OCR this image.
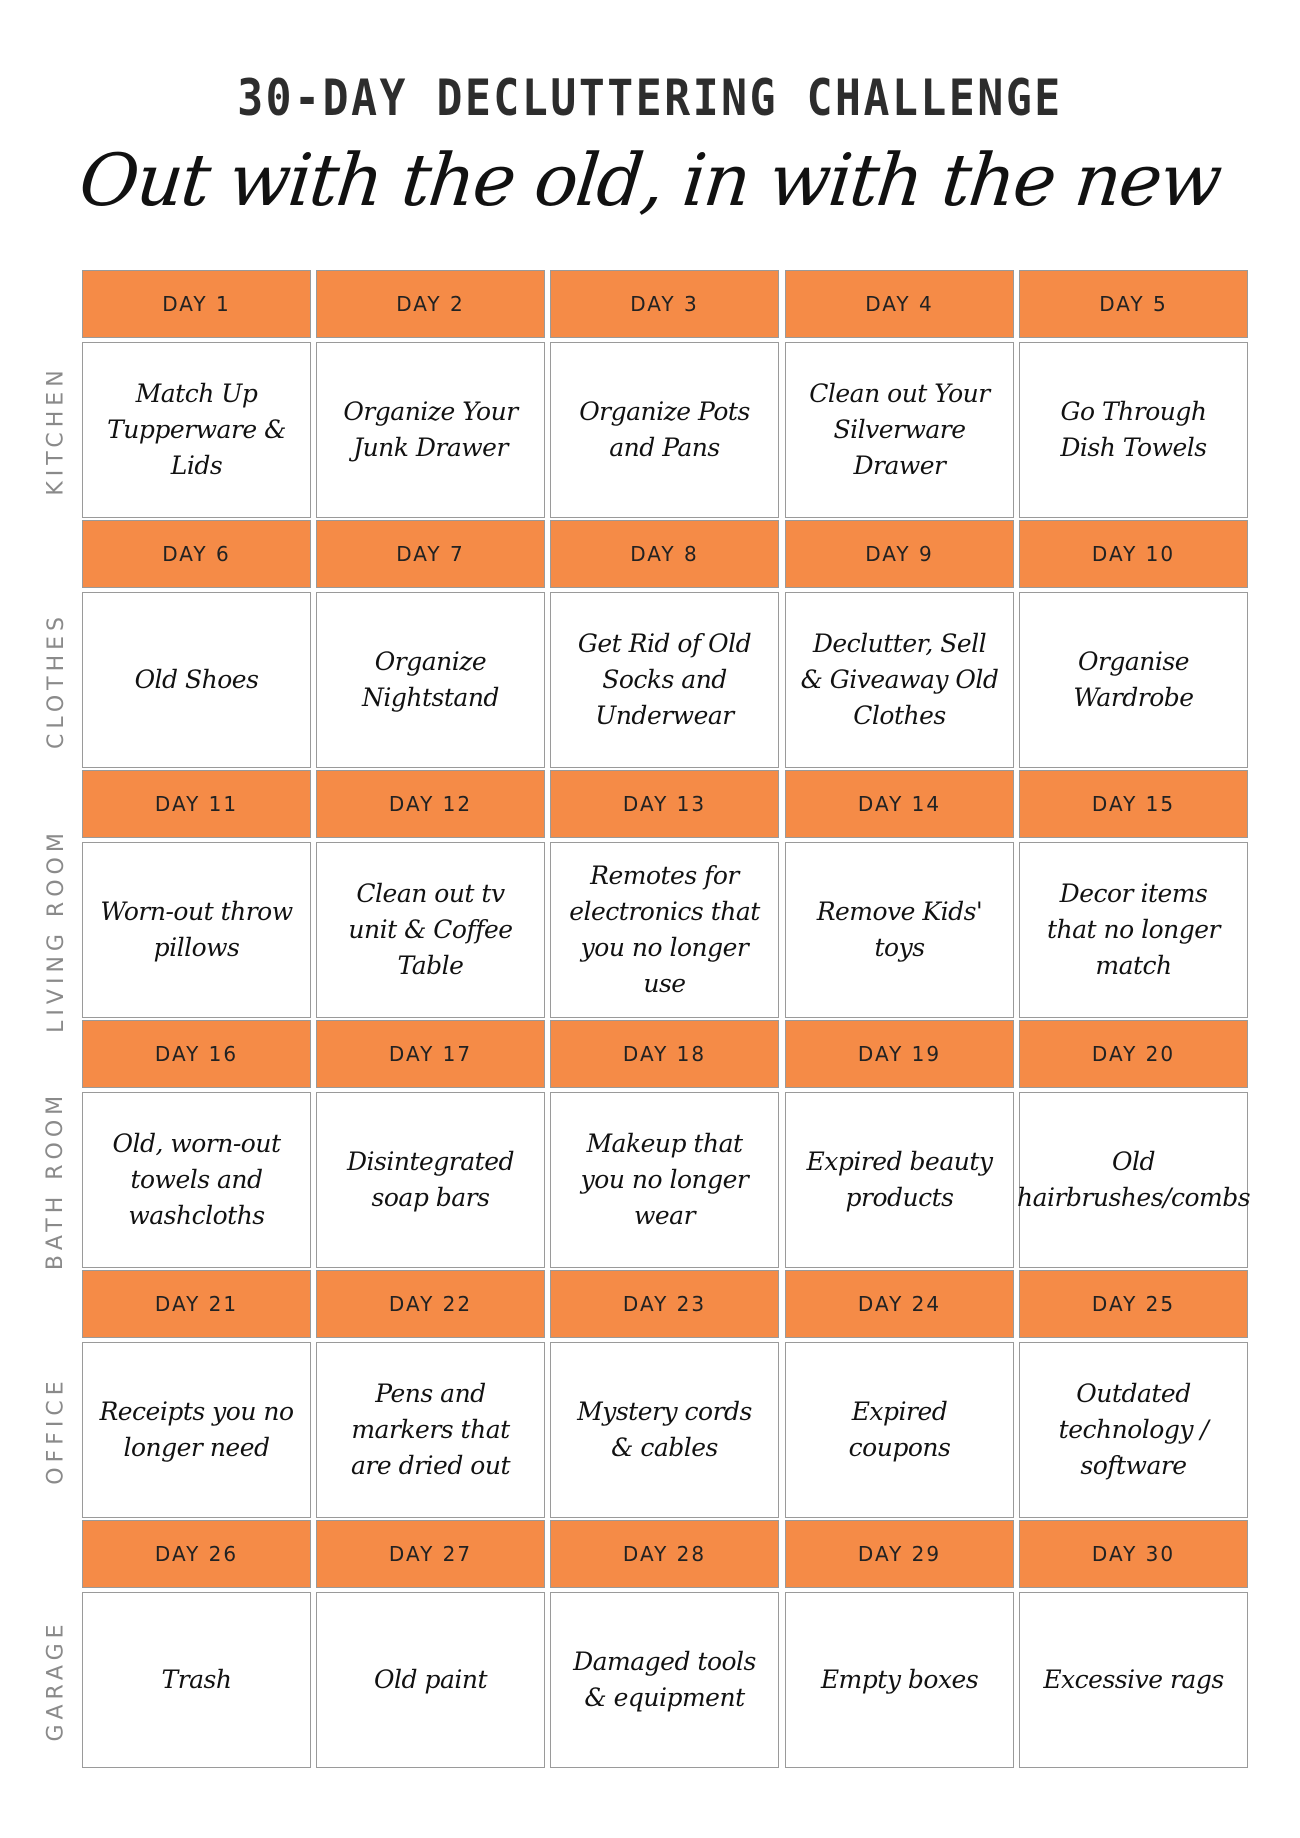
30-DAY DECLUTTERING CHALLENGE
Out with the old, in with the new
KITCHEN
DAY 1
Match Up Tupperware & Lids
DAY 2
Organize Your Junk Drawer
DAY 3
Organize Pots and Pans
DAY 4
Clean out Your Silverware Drawer
DAY 5
Go Through Dish Towels
CLOTHES
DAY 6
Old Shoes
DAY 7
Organize Nightstand
DAY 8
Get Rid of Old Socks and Underwear
DAY 9
Declutter, Sell & Giveaway Old Clothes
DAY 10
Organise Wardrobe
LIVING ROOM
DAY 11
Worn-out throw pillows
DAY 12
Clean out tv unit & Coffee Table
DAY 13
Remotes for electronics that you no longer use
DAY 14
Remove Kids' toys
DAY 15
Decor items that no longer match
BATH ROOM
DAY 16
Old, worn-out towels and washcloths
DAY 17
Disintegrated soap bars
DAY 18
Makeup that you no longer wear
DAY 19
Expired beauty products
DAY 20
Old hairbrushes/combs
OFFICE
DAY 21
Receipts you no longer need
DAY 22
Pens and markers that are dried out
DAY 23
Mystery cords & cables
DAY 24
Expired coupons
DAY 25
Outdated technology / software
GARAGE
DAY 26
Trash
DAY 27
Old paint
DAY 28
Damaged tools & equipment
DAY 29
Empty boxes
DAY 30
Excessive rags
